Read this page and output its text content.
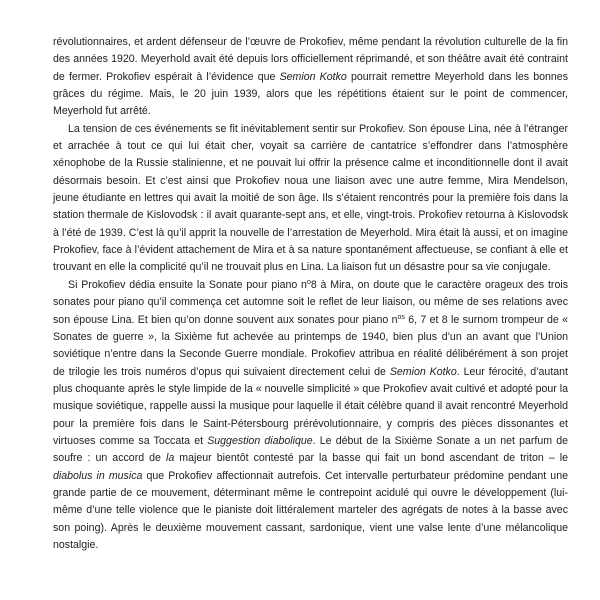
révolutionnaires, et ardent défenseur de l’œuvre de Prokofiev, même pendant la révolution culturelle de la fin des années 1920. Meyerhold avait été depuis lors officiellement réprimandé, et son théâtre avait été contraint de fermer. Prokofiev espérait à l’évidence que Semion Kotko pourrait remettre Meyerhold dans les bonnes grâces du régime. Mais, le 20 juin 1939, alors que les répétitions étaient sur le point de commencer, Meyerhold fut arrêté.

La tension de ces événements se fit inévitablement sentir sur Prokofiev. Son épouse Lina, née à l’étranger et arrachée à tout ce qui lui était cher, voyait sa carrière de cantatrice s’effondrer dans l’atmosphère xénophobe de la Russie stalinienne, et ne pouvait lui offrir la présence calme et inconditionnelle dont il avait désormais besoin. Et c’est ainsi que Prokofiev noua une liaison avec une autre femme, Mira Mendelson, jeune étudiante en lettres qui avait la moitié de son âge. Ils s’étaient rencontrés pour la première fois dans la station thermale de Kislovodsk : il avait quarante-sept ans, et elle, vingt-trois. Prokofiev retourna à Kislovodsk à l’été de 1939. C’est là qu’il apprit la nouvelle de l’arrestation de Meyerhold. Mira était là aussi, et on imagine Prokofiev, face à l’évident attachement de Mira et à sa nature spontanément affectueuse, se confiant à elle et trouvant en elle la complicité qu’il ne trouvait plus en Lina. La liaison fut un désastre pour sa vie conjugale.

Si Prokofiev dédia ensuite la Sonate pour piano $n^o8$ à Mira, on doute que le caractère orageux des trois sonates pour piano qu’il commença cet automne soit le reflet de leur liaison, ou même de ses relations avec son épouse Lina. Et bien qu’on donne souvent aux sonates pour piano $n^{os}$ 6, 7 et 8 le surnom trompeur de « Sonates de guerre », la Sixième fut achevée au printemps de 1940, bien plus d’un an avant que l’Union soviétique n’entre dans la Seconde Guerre mondiale. Prokofiev attribua en réalité délibérément à son projet de trilogie les trois numéros d’opus qui suivaient directement celui de Semion Kotko. Leur férocité, d’autant plus choquante après le style limpide de la « nouvelle simplicité » que Prokofiev avait cultivé et adopté pour la musique soviétique, rappelle aussi la musique pour laquelle il était célèbre quand il avait rencontré Meyerhold pour la première fois dans le Saint-Pétersbourg prérévolutionnaire, y compris des pièces dissonantes et virtuoses comme sa Toccata et Suggestion diabolique. Le début de la Sixième Sonate a un net parfum de soufre : un accord de la majeur bientôt contesté par la basse qui fait un bond ascendant de triton – le diabolus in musica que Prokofiev affectionnait autrefois. Cet intervalle perturbateur prédomine pendant une grande partie de ce mouvement, déterminant même le contrepoint acidulé qui ouvre le développement (lui-même d’une telle violence que le pianiste doit littéralement marteler des agrégats de notes à la basse avec son poing). Après le deuxième mouvement cassant, sardonique, vient une valse lente d’une mélancolique nostalgie.
